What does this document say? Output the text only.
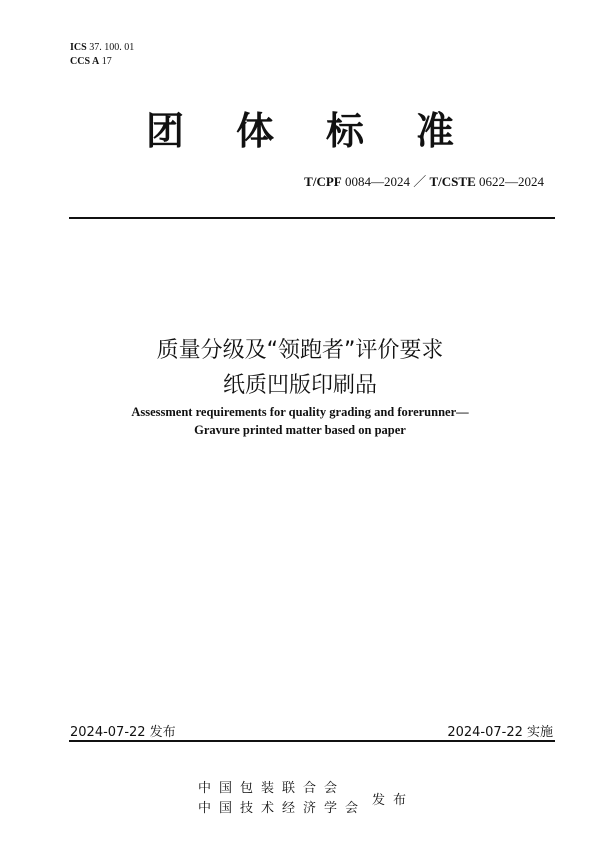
ICS 37. 100. 01
CCS A 17
团 体 标 准
T/CPF 0084—2024 ／ T/CSTE 0622—2024
质量分级及“领跑者”评价要求
纸质凹版印刷品
Assessment requirements for quality grading and forerunner—
Gravure printed matter based on paper
2024-07-22 发布	2024-07-22 实施
中国包装联合会
中国技术经济学会
发布
